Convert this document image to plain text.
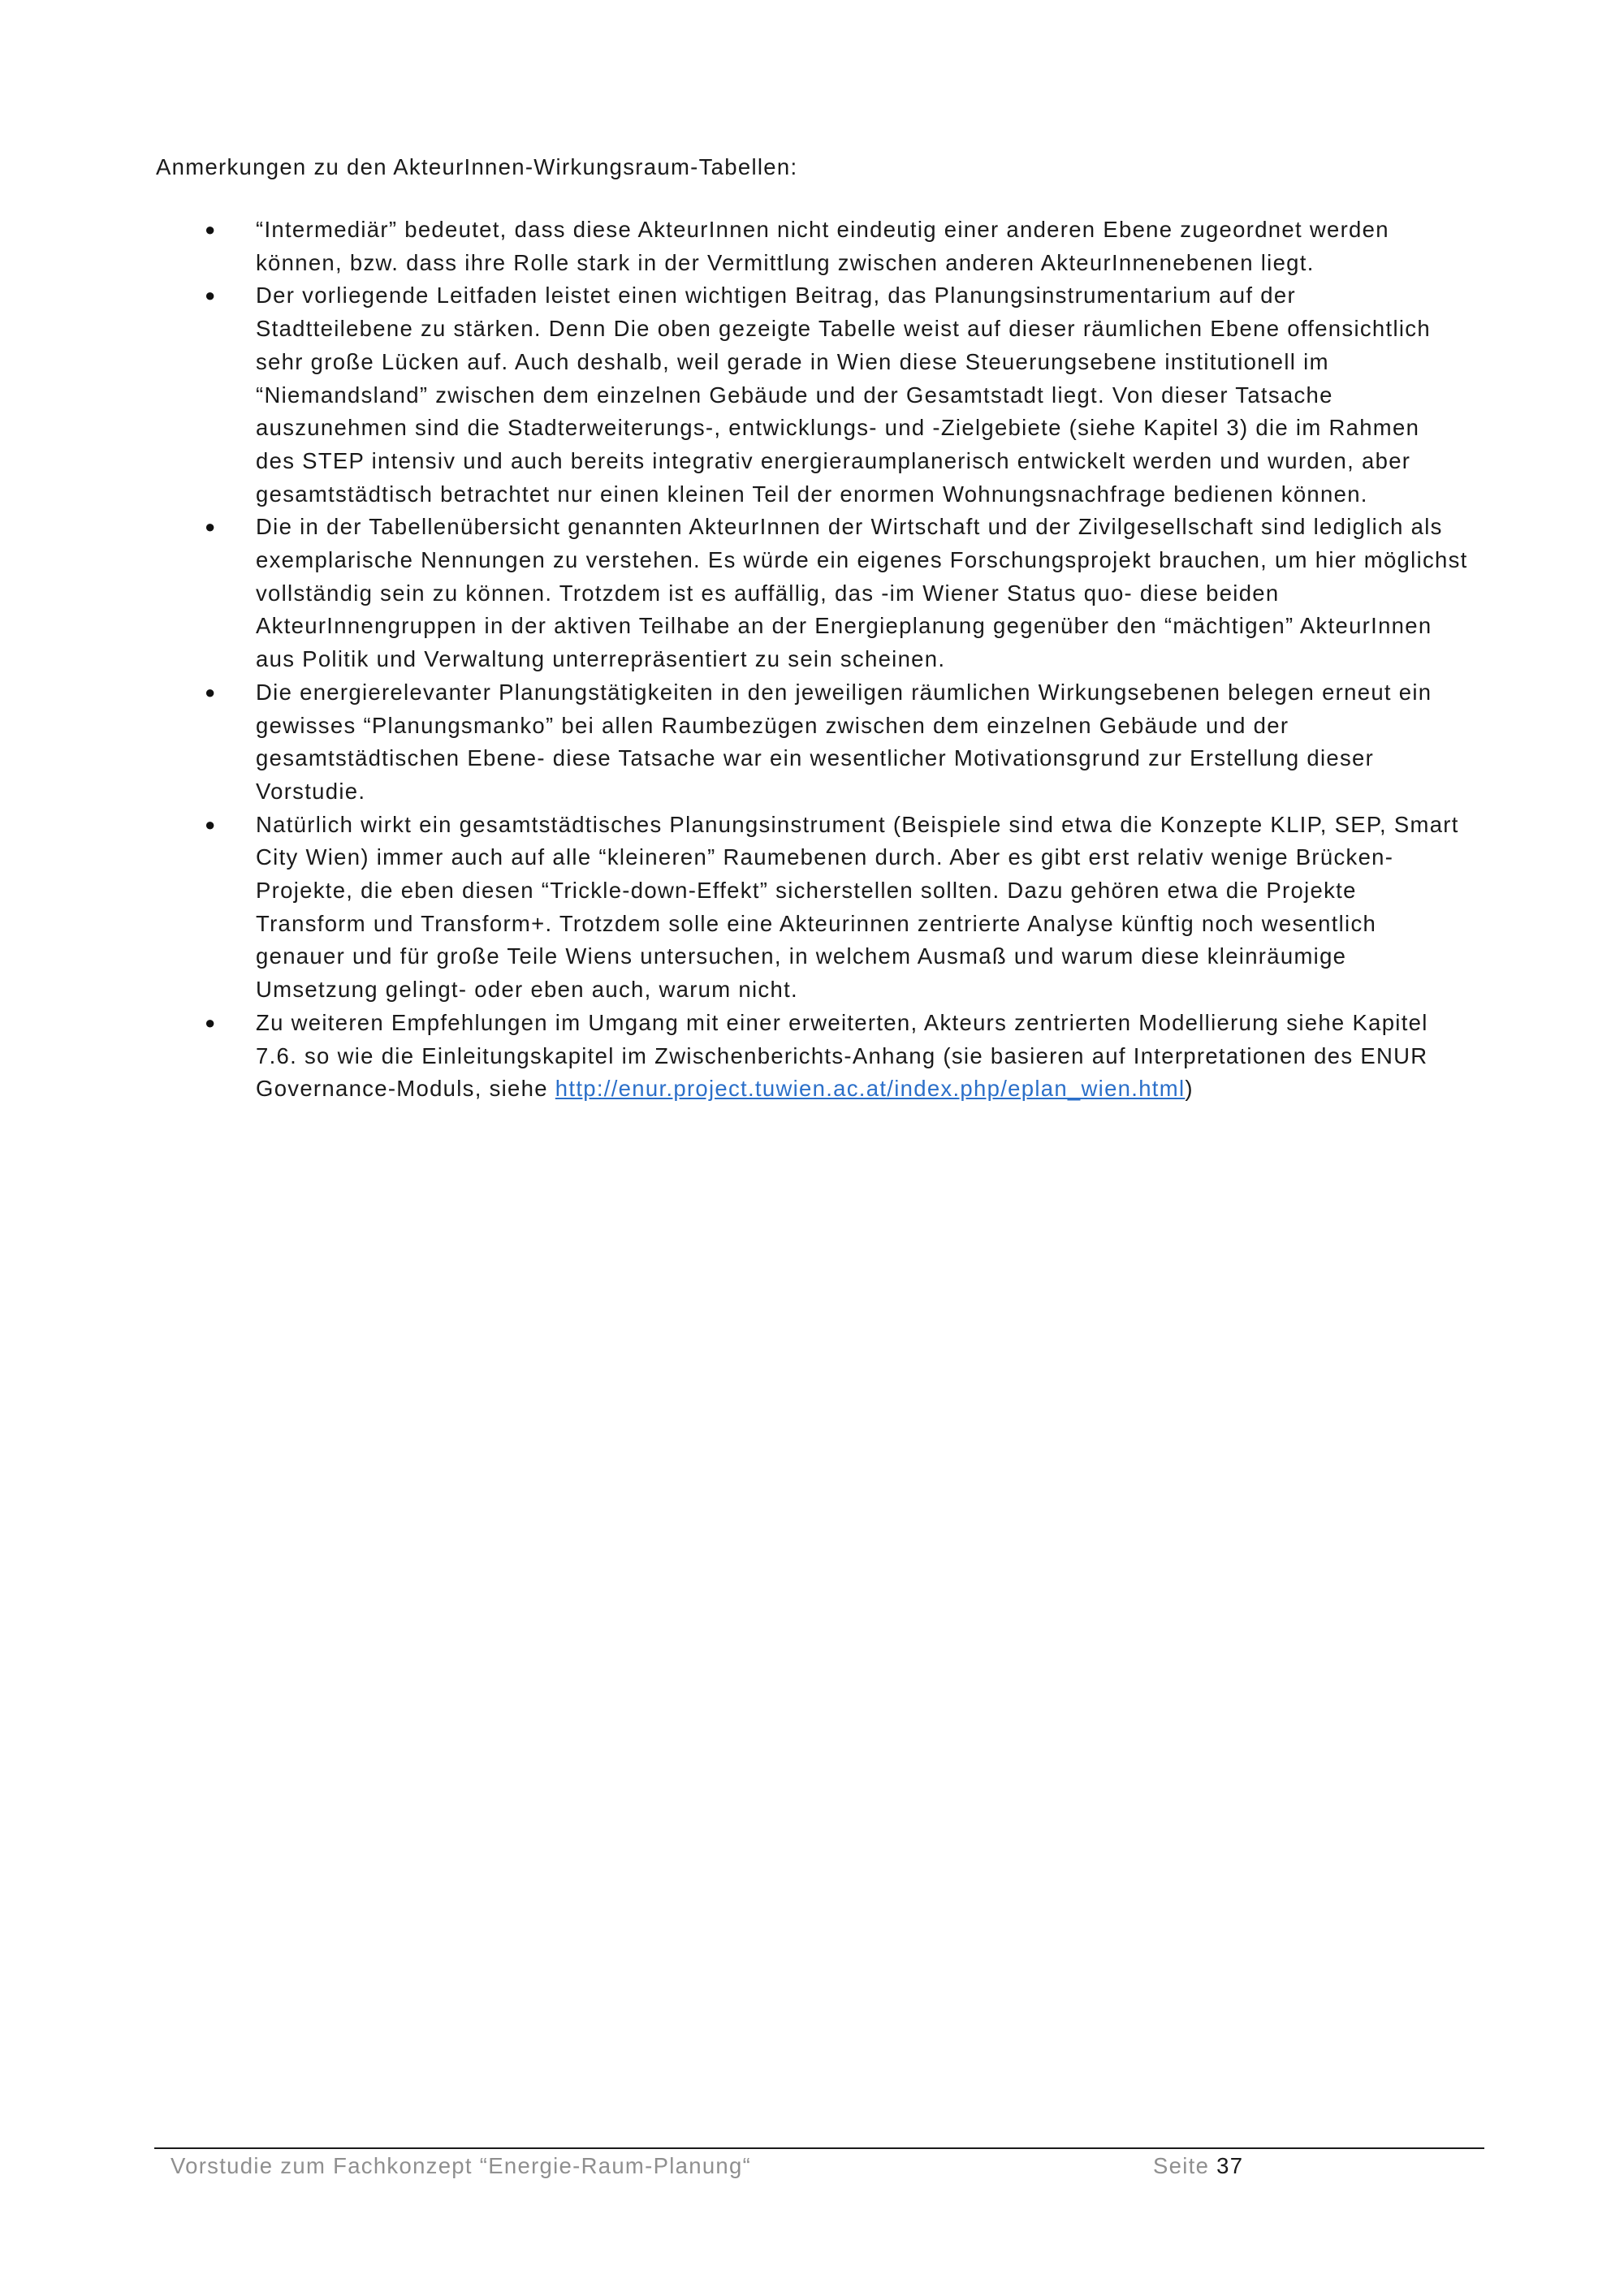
Anmerkungen zu den AkteurInnen-Wirkungsraum-Tabellen:
● “Intermediär” bedeutet, dass diese AkteurInnen nicht eindeutig einer anderen Ebene zugeordnet werden
können, bzw. dass ihre Rolle stark in der Vermittlung zwischen anderen AkteurInnenebenen liegt.
● Der vorliegende Leitfaden leistet einen wichtigen Beitrag, das Planungsinstrumentarium auf der
Stadtteilebene zu stärken. Denn Die oben gezeigte Tabelle weist auf dieser räumlichen Ebene offensichtlich
sehr große Lücken auf. Auch deshalb, weil gerade in Wien diese Steuerungsebene institutionell im
“Niemandsland” zwischen dem einzelnen Gebäude und der Gesamtstadt liegt. Von dieser Tatsache
auszunehmen sind die Stadterweiterungs-, entwicklungs- und -Zielgebiete (siehe Kapitel 3) die im Rahmen
des STEP intensiv und auch bereits integrativ energieraumplanerisch entwickelt werden und wurden, aber
gesamtstädtisch betrachtet nur einen kleinen Teil der enormen Wohnungsnachfrage bedienen können.
● Die in der Tabellenübersicht genannten AkteurInnen der Wirtschaft und der Zivilgesellschaft sind lediglich als
exemplarische Nennungen zu verstehen. Es würde ein eigenes Forschungsprojekt brauchen, um hier möglichst
vollständig sein zu können. Trotzdem ist es auffällig, das -im Wiener Status quo- diese beiden
AkteurInnengruppen in der aktiven Teilhabe an der Energieplanung gegenüber den “mächtigen” AkteurInnen
aus Politik und Verwaltung unterrepräsentiert zu sein scheinen.
● Die energierelevanter Planungstätigkeiten in den jeweiligen räumlichen Wirkungsebenen belegen erneut ein
gewisses “Planungsmanko” bei allen Raumbezügen zwischen dem einzelnen Gebäude und der
gesamtstädtischen Ebene- diese Tatsache war ein wesentlicher Motivationsgrund zur Erstellung dieser
Vorstudie.
● Natürlich wirkt ein gesamtstädtisches Planungsinstrument (Beispiele sind etwa die Konzepte KLIP, SEP, Smart
City Wien) immer auch auf alle “kleineren” Raumebenen durch. Aber es gibt erst relativ wenige Brücken-
Projekte, die eben diesen “Trickle-down-Effekt” sicherstellen sollten. Dazu gehören etwa die Projekte
Transform und Transform+. Trotzdem solle eine Akteurinnen zentrierte Analyse künftig noch wesentlich
genauer und für große Teile Wiens untersuchen, in welchem Ausmaß und warum diese kleinräumige
Umsetzung gelingt- oder eben auch, warum nicht.
● Zu weiteren Empfehlungen im Umgang mit einer erweiterten, Akteurs zentrierten Modellierung siehe Kapitel
7.6. so wie die Einleitungskapitel im Zwischenberichts-Anhang (sie basieren auf Interpretationen des ENUR
Governance-Moduls, siehe http://enur.project.tuwien.ac.at/index.php/eplan_wien.html)
Vorstudie zum Fachkonzept “Energie-Raum-Planung“	Seite 37
